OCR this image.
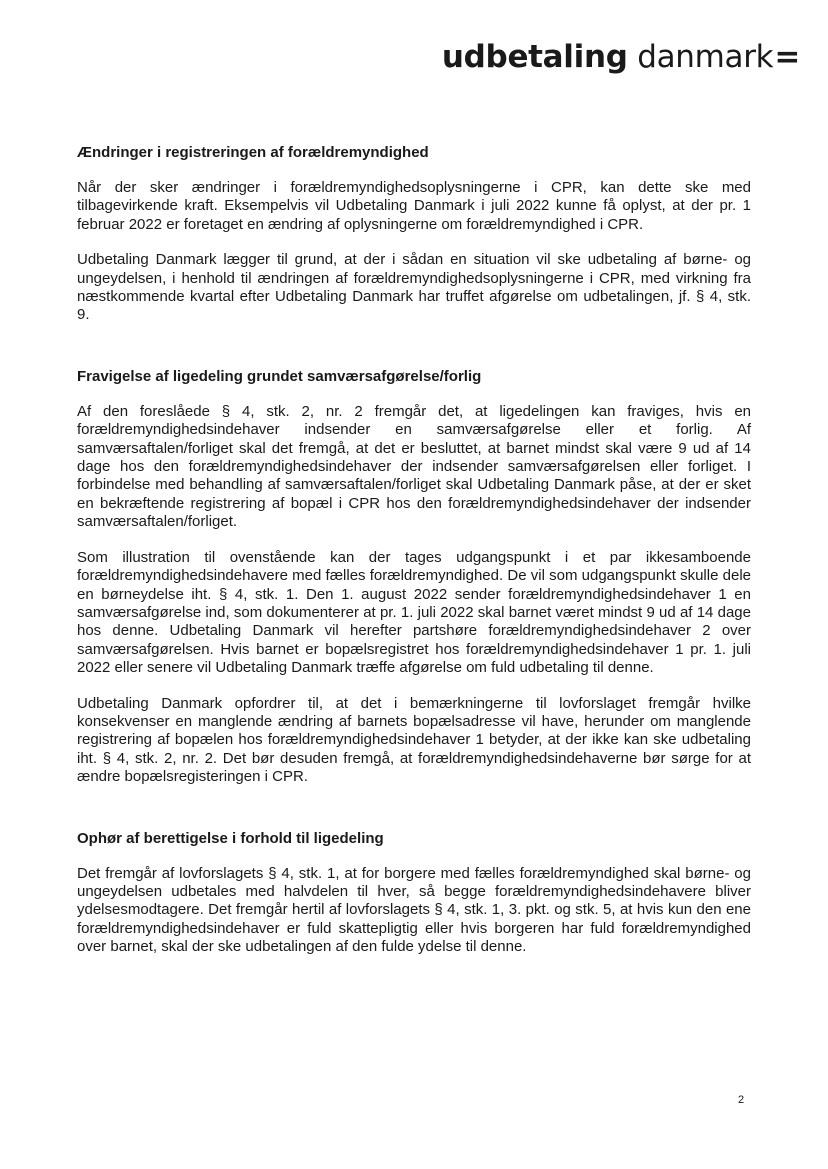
udbetaling danmark=
Ændringer i registreringen af forældremyndighed

Når der sker ændringer i forældremyndighedsoplysningerne i CPR, kan dette ske med tilbagevirkende kraft. Eksempelvis vil Udbetaling Danmark i juli 2022 kunne få oplyst, at der pr. 1 februar 2022 er foretaget en ændring af oplysningerne om forældremyndighed i CPR.

Udbetaling Danmark lægger til grund, at der i sådan en situation vil ske udbetaling af børne- og ungeydelsen, i henhold til ændringen af forældremyndighedsoplysningerne i CPR, med virkning fra næstkommende kvartal efter Udbetaling Danmark har truffet afgørelse om udbetalingen, jf. § 4, stk. 9.

Fravigelse af ligedeling grundet samværsafgørelse/forlig

Af den foreslåede § 4, stk. 2, nr. 2 fremgår det, at ligedelingen kan fraviges, hvis en forældremyndighedsindehaver indsender en samværsafgørelse eller et forlig. Af samværsaftalen/forliget skal det fremgå, at det er besluttet, at barnet mindst skal være 9 ud af 14 dage hos den forældremyndighedsindehaver der indsender samværsafgørelsen eller forliget. I forbindelse med behandling af samværsaftalen/forliget skal Udbetaling Danmark påse, at der er sket en bekræftende registrering af bopæl i CPR hos den forældremyndighedsindehaver der indsender samværsaftalen/forliget.

Som illustration til ovenstående kan der tages udgangspunkt i et par ikkesamboende forældremyndighedsindehavere med fælles forældremyndighed. De vil som udgangspunkt skulle dele en børneydelse iht. § 4, stk. 1. Den 1. august 2022 sender forældremyndighedsindehaver 1 en samværsafgørelse ind, som dokumenterer at pr. 1. juli 2022 skal barnet været mindst 9 ud af 14 dage hos denne. Udbetaling Danmark vil herefter partshøre forældremyndighedsindehaver 2 over samværsafgørelsen. Hvis barnet er bopælsregistret hos forældremyndighedsindehaver 1 pr. 1. juli 2022 eller senere vil Udbetaling Danmark træffe afgørelse om fuld udbetaling til denne.

Udbetaling Danmark opfordrer til, at det i bemærkningerne til lovforslaget fremgår hvilke konsekvenser en manglende ændring af barnets bopælsadresse vil have, herunder om manglende registrering af bopælen hos forældremyndighedsindehaver 1 betyder, at der ikke kan ske udbetaling iht. § 4, stk. 2, nr. 2. Det bør desuden fremgå, at forældremyndighedsindehaverne bør sørge for at ændre bopælsregisteringen i CPR.

Ophør af berettigelse i forhold til ligedeling

Det fremgår af lovforslagets § 4, stk. 1, at for borgere med fælles forældremyndighed skal børne- og ungeydelsen udbetales med halvdelen til hver, så begge forældremyndighedsindehavere bliver ydelsesmodtagere. Det fremgår hertil af lovforslagets § 4, stk. 1, 3. pkt. og stk. 5, at hvis kun den ene forældremyndighedsindehaver er fuld skattepligtig eller hvis borgeren har fuld forældremyndighed over barnet, skal der ske udbetalingen af den fulde ydelse til denne.

2
